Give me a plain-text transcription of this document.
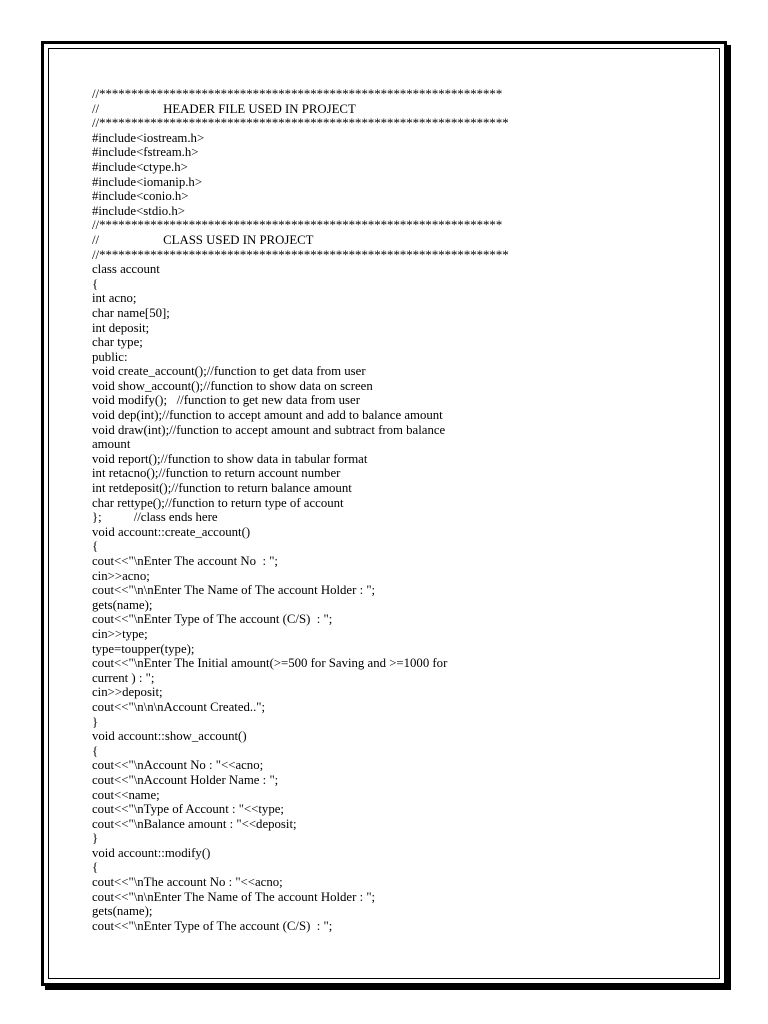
//***************************************************************
//                    HEADER FILE USED IN PROJECT
//****************************************************************
#include<iostream.h>
#include<fstream.h>
#include<ctype.h>
#include<iomanip.h>
#include<conio.h>
#include<stdio.h>
//***************************************************************
//                    CLASS USED IN PROJECT
//****************************************************************
class account
{
int acno;
char name[50];
int deposit;
char type;
public:
void create_account();//function to get data from user
void show_account();//function to show data on screen
void modify();   //function to get new data from user
void dep(int);//function to accept amount and add to balance amount
void draw(int);//function to accept amount and subtract from balance
amount
void report();//function to show data in tabular format
int retacno();//function to return account number
int retdeposit();//function to return balance amount
char rettype();//function to return type of account
};          //class ends here
void account::create_account()
{
cout<<"\nEnter The account No  : ";
cin>>acno;
cout<<"\n\nEnter The Name of The account Holder : ";
gets(name);
cout<<"\nEnter Type of The account (C/S)  : ";
cin>>type;
type=toupper(type);
cout<<"\nEnter The Initial amount(>=500 for Saving and >=1000 for
current ) : ";
cin>>deposit;
cout<<"\n\n\nAccount Created..";
}
void account::show_account()
{
cout<<"\nAccount No : "<<acno;
cout<<"\nAccount Holder Name : ";
cout<<name;
cout<<"\nType of Account : "<<type;
cout<<"\nBalance amount : "<<deposit;
}
void account::modify()
{
cout<<"\nThe account No : "<<acno;
cout<<"\n\nEnter The Name of The account Holder : ";
gets(name);
cout<<"\nEnter Type of The account (C/S)  : ";
